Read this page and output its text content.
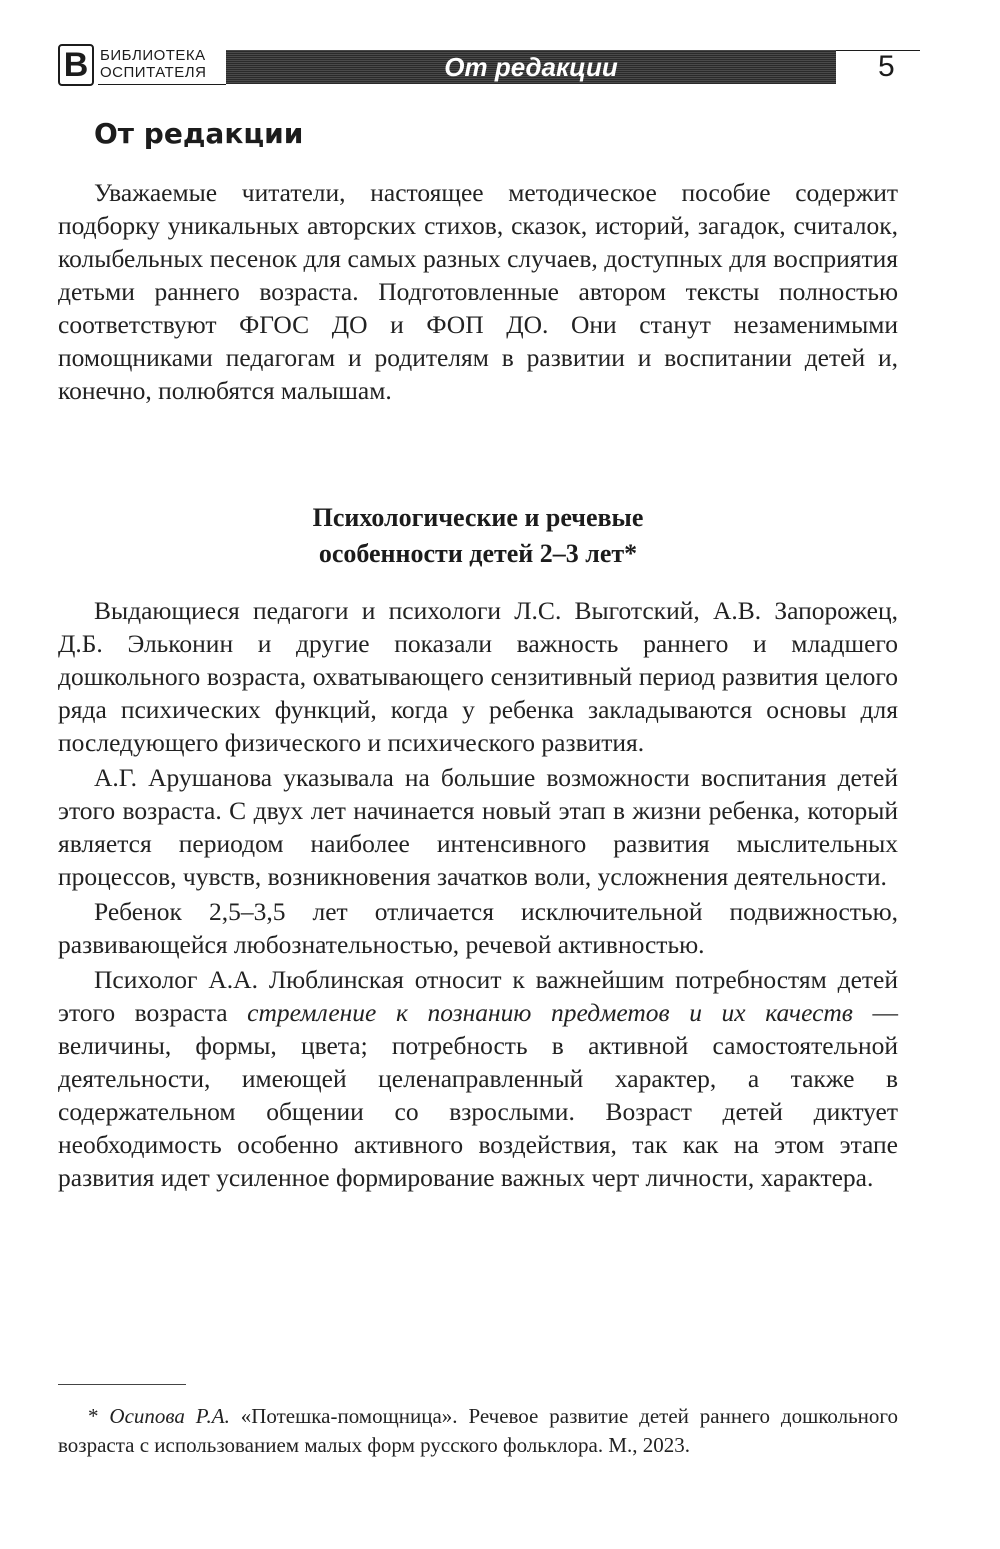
В БИБЛИОТЕКА
ОСПИТАТЕЛЯ	От редакции	5
От редакции

Уважаемые читатели, настоящее методическое пособие содержит подборку уникальных авторских стихов, сказок, историй, загадок, считалок, колыбельных песенок для самых разных случаев, доступных для восприятия детьми раннего возраста. Подготовленные автором тексты полностью соответствуют ФГОС ДО и ФОП ДО. Они станут незаменимыми помощниками педагогам и родителям в развитии и воспитании детей и, конечно, полюбятся малышам.

Психологические и речевые
особенности детей 2–3 лет*

Выдающиеся педагоги и психологи Л.С. Выготский, А.В. Запорожец, Д.Б. Эльконин и другие показали важность раннего и младшего дошкольного возраста, охватывающего сензитивный период развития целого ряда психических функций, когда у ребенка закладываются основы для последующего физического и психического развития.

А.Г. Арушанова указывала на большие возможности воспитания детей этого возраста. С двух лет начинается новый этап в жизни ребенка, который является периодом наиболее интенсивного развития мыслительных процессов, чувств, возникновения зачатков воли, усложнения деятельности.

Ребенок 2,5–3,5 лет отличается исключительной подвижностью, развивающейся любознательностью, речевой активностью.

Психолог А.А. Люблинская относит к важнейшим потребностям детей этого возраста стремление к познанию предметов и их качеств — величины, формы, цвета; потребность в активной самостоятельной деятельности, имеющей целенаправленный характер, а также в содержательном общении со взрослыми. Возраст детей диктует необходимость особенно активного воздействия, так как на этом этапе развития идет усиленное формирование важных черт личности, характера.

* Осипова Р.А. «Потешка-помощница». Речевое развитие детей раннего дошкольного возраста с использованием малых форм русского фольклора. М., 2023.
